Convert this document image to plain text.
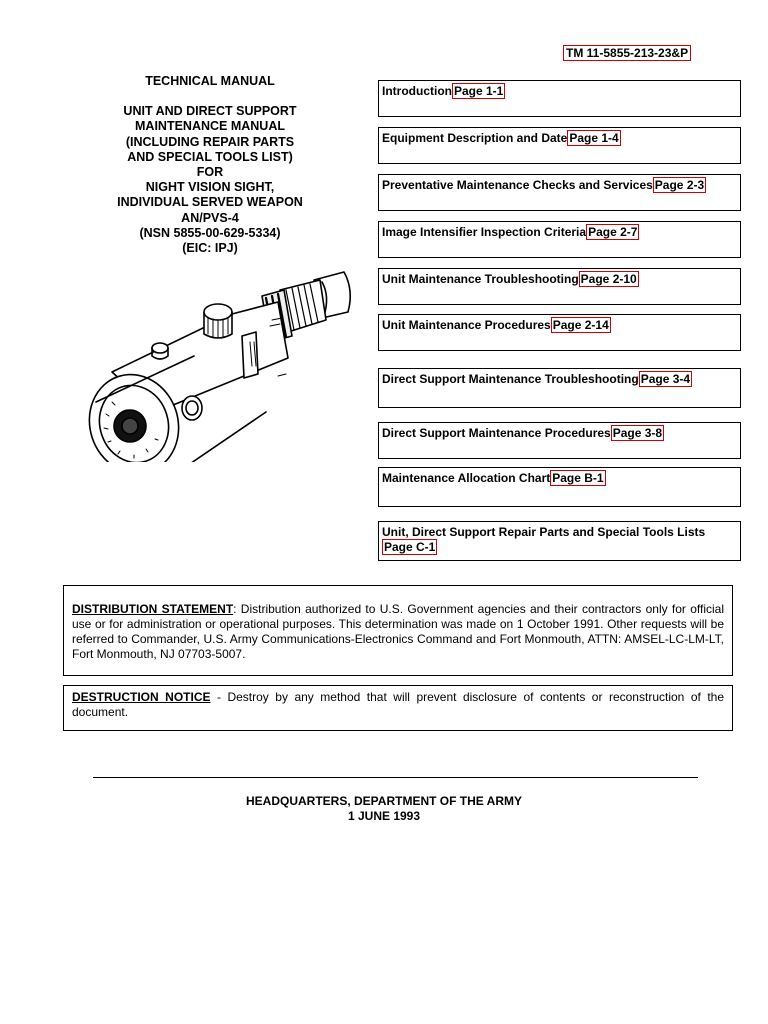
TM 11-5855-213-23&P
TECHNICAL MANUAL
UNIT AND DIRECT SUPPORT
MAINTENANCE MANUAL
(INCLUDING REPAIR PARTS
AND SPECIAL TOOLS LIST)
FOR
NIGHT VISION SIGHT,
INDIVIDUAL SERVED WEAPON
AN/PVS-4
(NSN 5855-00-629-5334)
(EIC: IPJ)
Introduction Page 1-1
Equipment Description and Date Page 1-4
Preventative Maintenance Checks and Services Page 2-3
Image Intensifier Inspection Criteria Page 2-7
Unit Maintenance Troubleshooting Page 2-10
Unit Maintenance Procedures Page 2-14
Direct Support Maintenance Troubleshooting Page 3-4
Direct Support Maintenance Procedures Page 3-8
Maintenance Allocation Chart Page B-1
Unit, Direct Support Repair Parts and Special Tools Lists
Page C-1
DISTRIBUTION STATEMENT: Distribution authorized to U.S. Government agencies and their contractors only for official use or for administration or operational purposes. This determination was made on 1 October 1991. Other requests will be referred to Commander, U.S. Army Communications-Electronics Command and Fort Monmouth, ATTN: AMSEL-LC-LM-LT, Fort Monmouth, NJ 07703-5007.
DESTRUCTION NOTICE - Destroy by any method that will prevent disclosure of contents or reconstruction of the document.
HEADQUARTERS, DEPARTMENT OF THE ARMY
1 JUNE 1993
